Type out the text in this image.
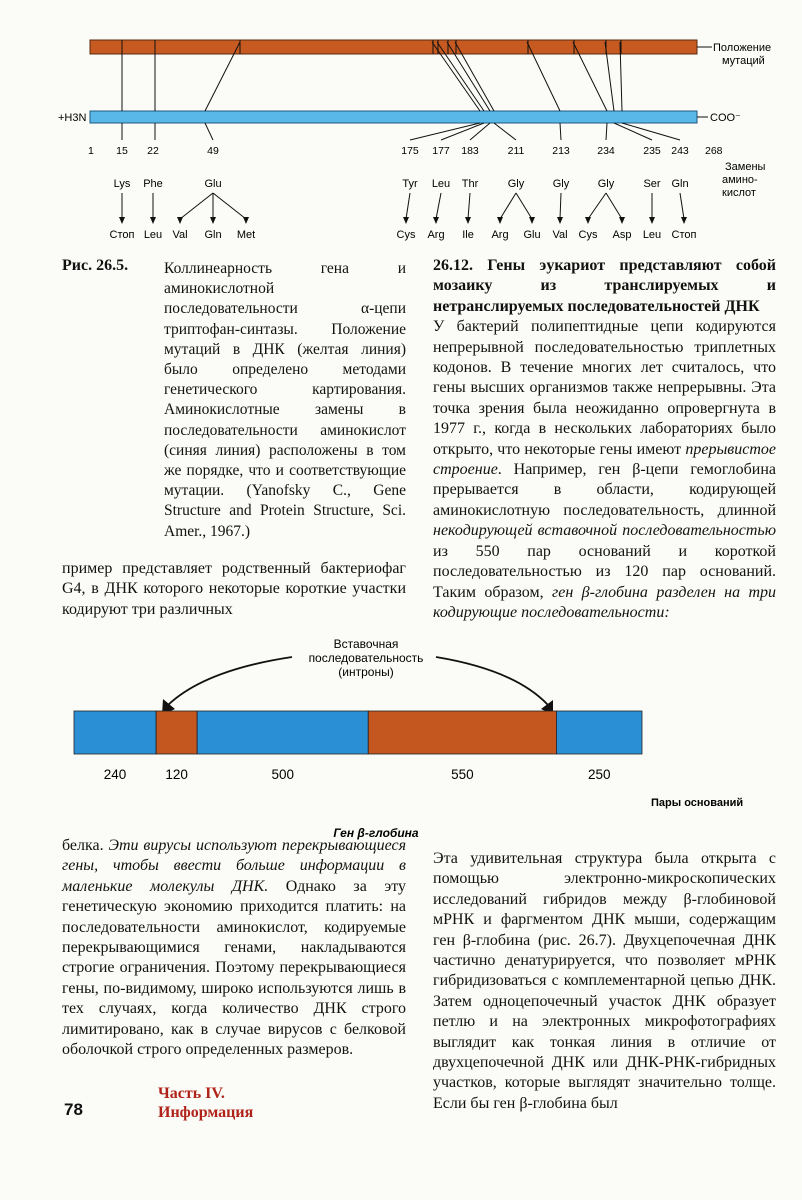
Положение
мутаций
+H3N	COO⁻
1	268
Замены
амино-
кислот
15
Lys
Стоп
22
Phe
Leu
49
Glu
Val Gln Met
175
Tyr
Cys
177
Leu
Arg
183
Thr
Ile
211
Gly
Arg Glu
213
Gly
Val
234
Gly
Cys Asp
235
Ser
Leu
243
Gln
Стоп
Рис. 26.5. Коллинеарность гена и аминокислотной последовательности α-цепи триптофан-синтазы. Положение мутаций в ДНК (желтая линия) было определено методами генетического картирования. Аминокислотные замены в последовательности аминокислот (синяя линия) расположены в том же порядке, что и соответствующие мутации. (Yanofsky C., Gene Structure and Protein Structure, Sci. Amer., 1967.)

26.12. Гены эукариот представляют собой мозаику из транслируемых и нетранслируемых последовательностей ДНК

У бактерий полипептидные цепи кодируются непрерывной последовательностью триплетных кодонов. В течение многих лет считалось, что гены высших организмов также непрерывны. Эта точка зрения была неожиданно опровергнута в 1977 г., когда в нескольких лабораториях было открыто, что некоторые гены имеют прерывистое строение. Например, ген β-цепи гемоглобина прерывается в области, кодирующей аминокислотную последовательность, длинной некодирующей вставочной последовательностью из 550 пар оснований и короткой последовательностью из 120 пар оснований. Таким образом, ген β-глобина разделен на три кодирующие последовательности:

пример представляет родственный бактериофаг G4, в ДНК которого некоторые короткие участки кодируют три различных
Вставочная
последовательность
(интроны)
240	120	500	550	250
Пары оснований
Ген β-глобина
белка. Эти вирусы используют перекрывающиеся гены, чтобы ввести больше информации в маленькие молекулы ДНК. Однако за эту генетическую экономию приходится платить: на последовательности аминокислот, кодируемые перекрывающимися генами, накладываются строгие ограничения. Поэтому перекрывающиеся гены, по-видимому, широко используются лишь в тех случаях, когда количество ДНК строго лимитировано, как в случае вирусов с белковой оболочкой строго определенных размеров.
Эта удивительная структура была открыта с помощью электронно-микроскопических исследований гибридов между β-глобиновой мРНК и фаргментом ДНК мыши, содержащим ген β-глобина (рис. 26.7). Двухцепочечная ДНК частично денатурируется, что позволяет мРНК гибридизоваться с комплементарной цепью ДНК. Затем одноцепочечный участок ДНК образует петлю и на электронных микрофотографиях выглядит как тонкая линия в отличие от двухцепочечной ДНК или ДНК-РНК-гибридных участков, которые выглядят значительно толще. Если бы ген β-глобина был
78
Часть IV.
Информация
